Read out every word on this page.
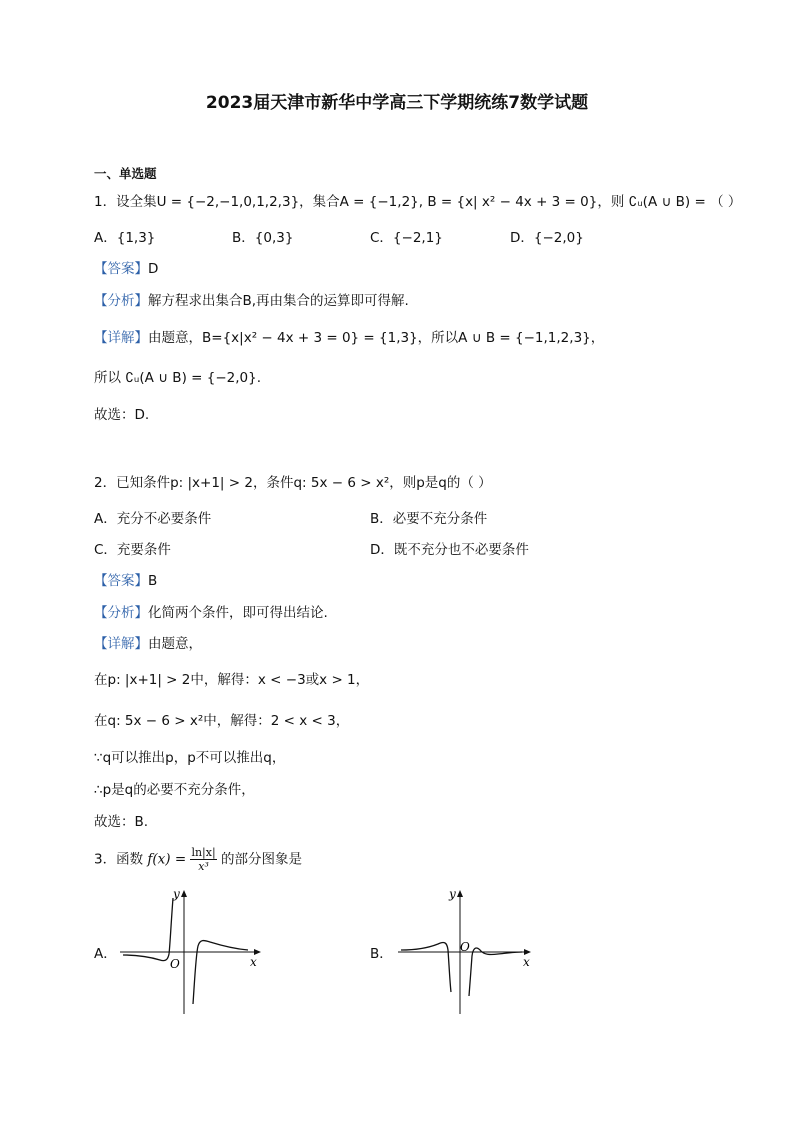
2023届天津市新华中学高三下学期统练7数学试题
一、单选题
1．设全集U = {−2,−1,0,1,2,3}，集合A = {−1,2}, B = {x| x² − 4x + 3 = 0}，则 ∁ᵤ(A ∪ B) = （ ）
A．{1,3}	B．{0,3}	C．{−2,1}	D．{−2,0}
【答案】D
【分析】解方程求出集合B,再由集合的运算即可得解.
【详解】由题意，B={x|x² − 4x + 3 = 0} = {1,3}，所以A ∪ B = {−1,1,2,3}，
所以 ∁ᵤ(A ∪ B) = {−2,0}.
故选：D.
2．已知条件p: |x+1| > 2，条件q: 5x − 6 > x²，则p是q的（ ）
A．充分不必要条件	B．必要不充分条件
C．充要条件	D．既不充分也不必要条件
【答案】B
【分析】化简两个条件，即可得出结论.
【详解】由题意，
在p: |x+1| > 2中，解得：x < −3或x > 1，
在q: 5x − 6 > x²中，解得：2 < x < 3，
∵q可以推出p，p不可以推出q，
∴p是q的必要不充分条件，
故选：B.
3．函数 $f(x) = \frac{\ln|x|}{\text{x³}}$ 的部分图象是
A．	B．
y
x
O
y
x
O
